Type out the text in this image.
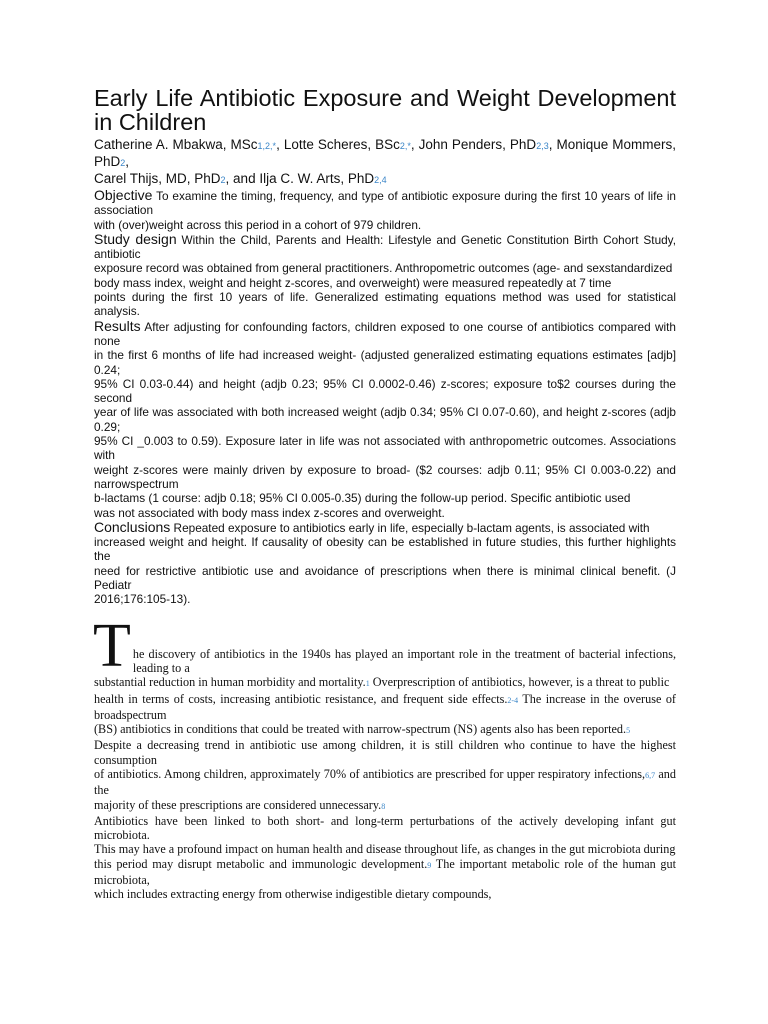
Early Life Antibiotic Exposure and Weight Development in Children
Catherine A. Mbakwa, MSc1,2,*, Lotte Scheres, BSc2,*, John Penders, PhD2,3, Monique Mommers, PhD2,
Carel Thijs, MD, PhD2, and Ilja C. W. Arts, PhD2,4
Objective To examine the timing, frequency, and type of antibiotic exposure during the first 10 years of life in association
with (over)weight across this period in a cohort of 979 children.
Study design Within the Child, Parents and Health: Lifestyle and Genetic Constitution Birth Cohort Study, antibiotic
exposure record was obtained from general practitioners. Anthropometric outcomes (age- and sexstandardized
body mass index, weight and height z-scores, and overweight) were measured repeatedly at 7 time
points during the first 10 years of life. Generalized estimating equations method was used for statistical analysis.
Results After adjusting for confounding factors, children exposed to one course of antibiotics compared with none
in the first 6 months of life had increased weight- (adjusted generalized estimating equations estimates [adjb] 0.24;
95% CI 0.03-0.44) and height (adjb 0.23; 95% CI 0.0002-0.46) z-scores; exposure to$2 courses during the second
year of life was associated with both increased weight (adjb 0.34; 95% CI 0.07-0.60), and height z-scores (adjb 0.29;
95% CI _0.003 to 0.59). Exposure later in life was not associated with anthropometric outcomes. Associations with
weight z-scores were mainly driven by exposure to broad- ($2 courses: adjb 0.11; 95% CI 0.003-0.22) and narrowspectrum
b-lactams (1 course: adjb 0.18; 95% CI 0.005-0.35) during the follow-up period. Specific antibiotic used
was not associated with body mass index z-scores and overweight.
Conclusions Repeated exposure to antibiotics early in life, especially b-lactam agents, is associated with
increased weight and height. If causality of obesity can be established in future studies, this further highlights the
need for restrictive antibiotic use and avoidance of prescriptions when there is minimal clinical benefit. (J Pediatr
2016;176:105-13).
T he discovery of antibiotics in the 1940s has played an important role in the treatment of bacterial infections, leading to a
substantial reduction in human morbidity and mortality.1 Overprescription of antibiotics, however, is a threat to public
health in terms of costs, increasing antibiotic resistance, and frequent side effects.2-4 The increase in the overuse of broadspectrum
(BS) antibiotics in conditions that could be treated with narrow-spectrum (NS) agents also has been reported.5
Despite a decreasing trend in antibiotic use among children, it is still children who continue to have the highest consumption
of antibiotics. Among children, approximately 70% of antibiotics are prescribed for upper respiratory infections,6,7 and the
majority of these prescriptions are considered unnecessary.8
Antibiotics have been linked to both short- and long-term perturbations of the actively developing infant gut microbiota.
This may have a profound impact on human health and disease throughout life, as changes in the gut microbiota during
this period may disrupt metabolic and immunologic development.9 The important metabolic role of the human gut microbiota,
which includes extracting energy from otherwise indigestible dietary compounds,
